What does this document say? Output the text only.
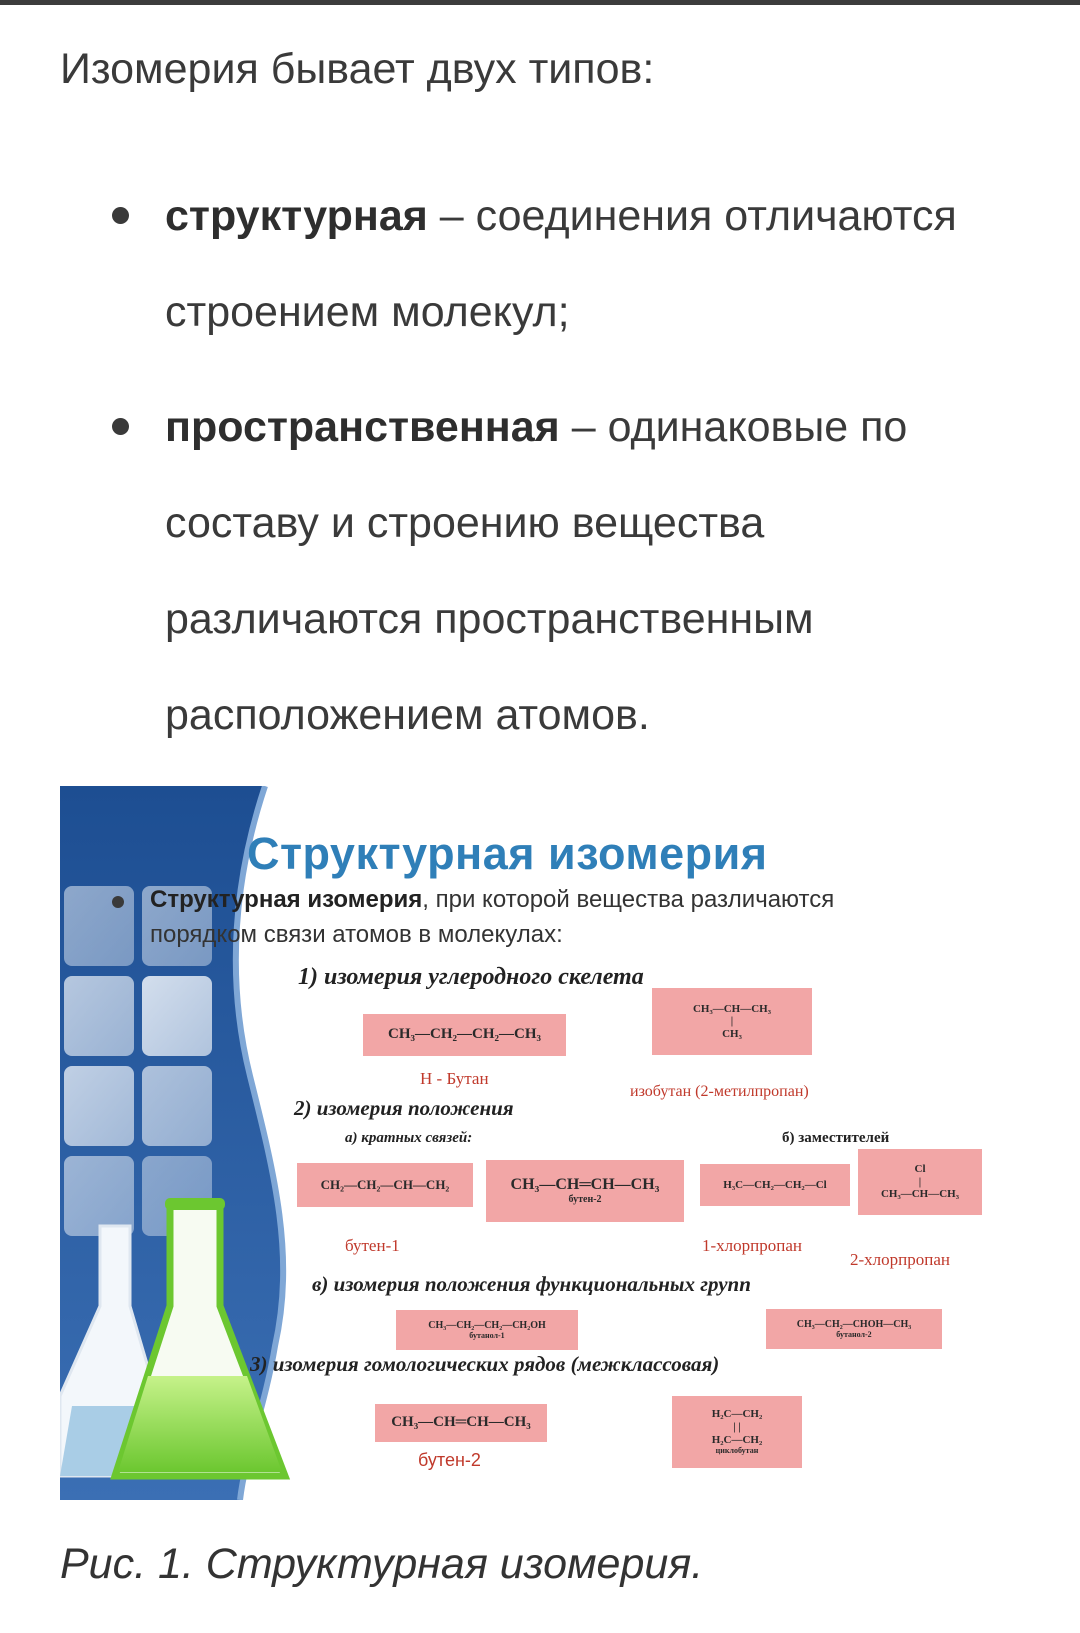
Изомерия бывает двух типов:

структурная – соединения отличаются строением молекул;
пространственная – одинаковые по составу и строению вещества различаются пространственным расположением атомов.
Структурная изомерия
Структурная изомерия, при которой вещества различаются порядком связи атомов в молекулах:
1) изомерия углеродного скелета
CH₃—CH₂—CH₂—CH₃
Н - Бутан
CH₃—CH—CH₃
|
CH₃
изобутан (2-метилпропан)
2) изомерия положения
а) кратных связей:	б) заместителей
CH₂—CH₂—CH—CH₂
бутен-1
CH₃—CH═CH—CH₃
бутен-2
H₃C—CH₂—CH₂—Cl
1-хлорпропан
Cl
|
CH₃—CH—CH₃
2-хлорпропан
в) изомерия положения функциональных групп
CH₃—CH₂—CH₂—CH₂OH
бутанол-1
CH₃—CH₂—CHOH—CH₃
бутанол-2
3) изомерия гомологических рядов (межклассовая)
CH₃—CH═CH—CH₃
бутен-2
H₂C—CH₂
| |
H₂C—CH₂
циклобутан

Рис. 1. Структурная изомерия.
